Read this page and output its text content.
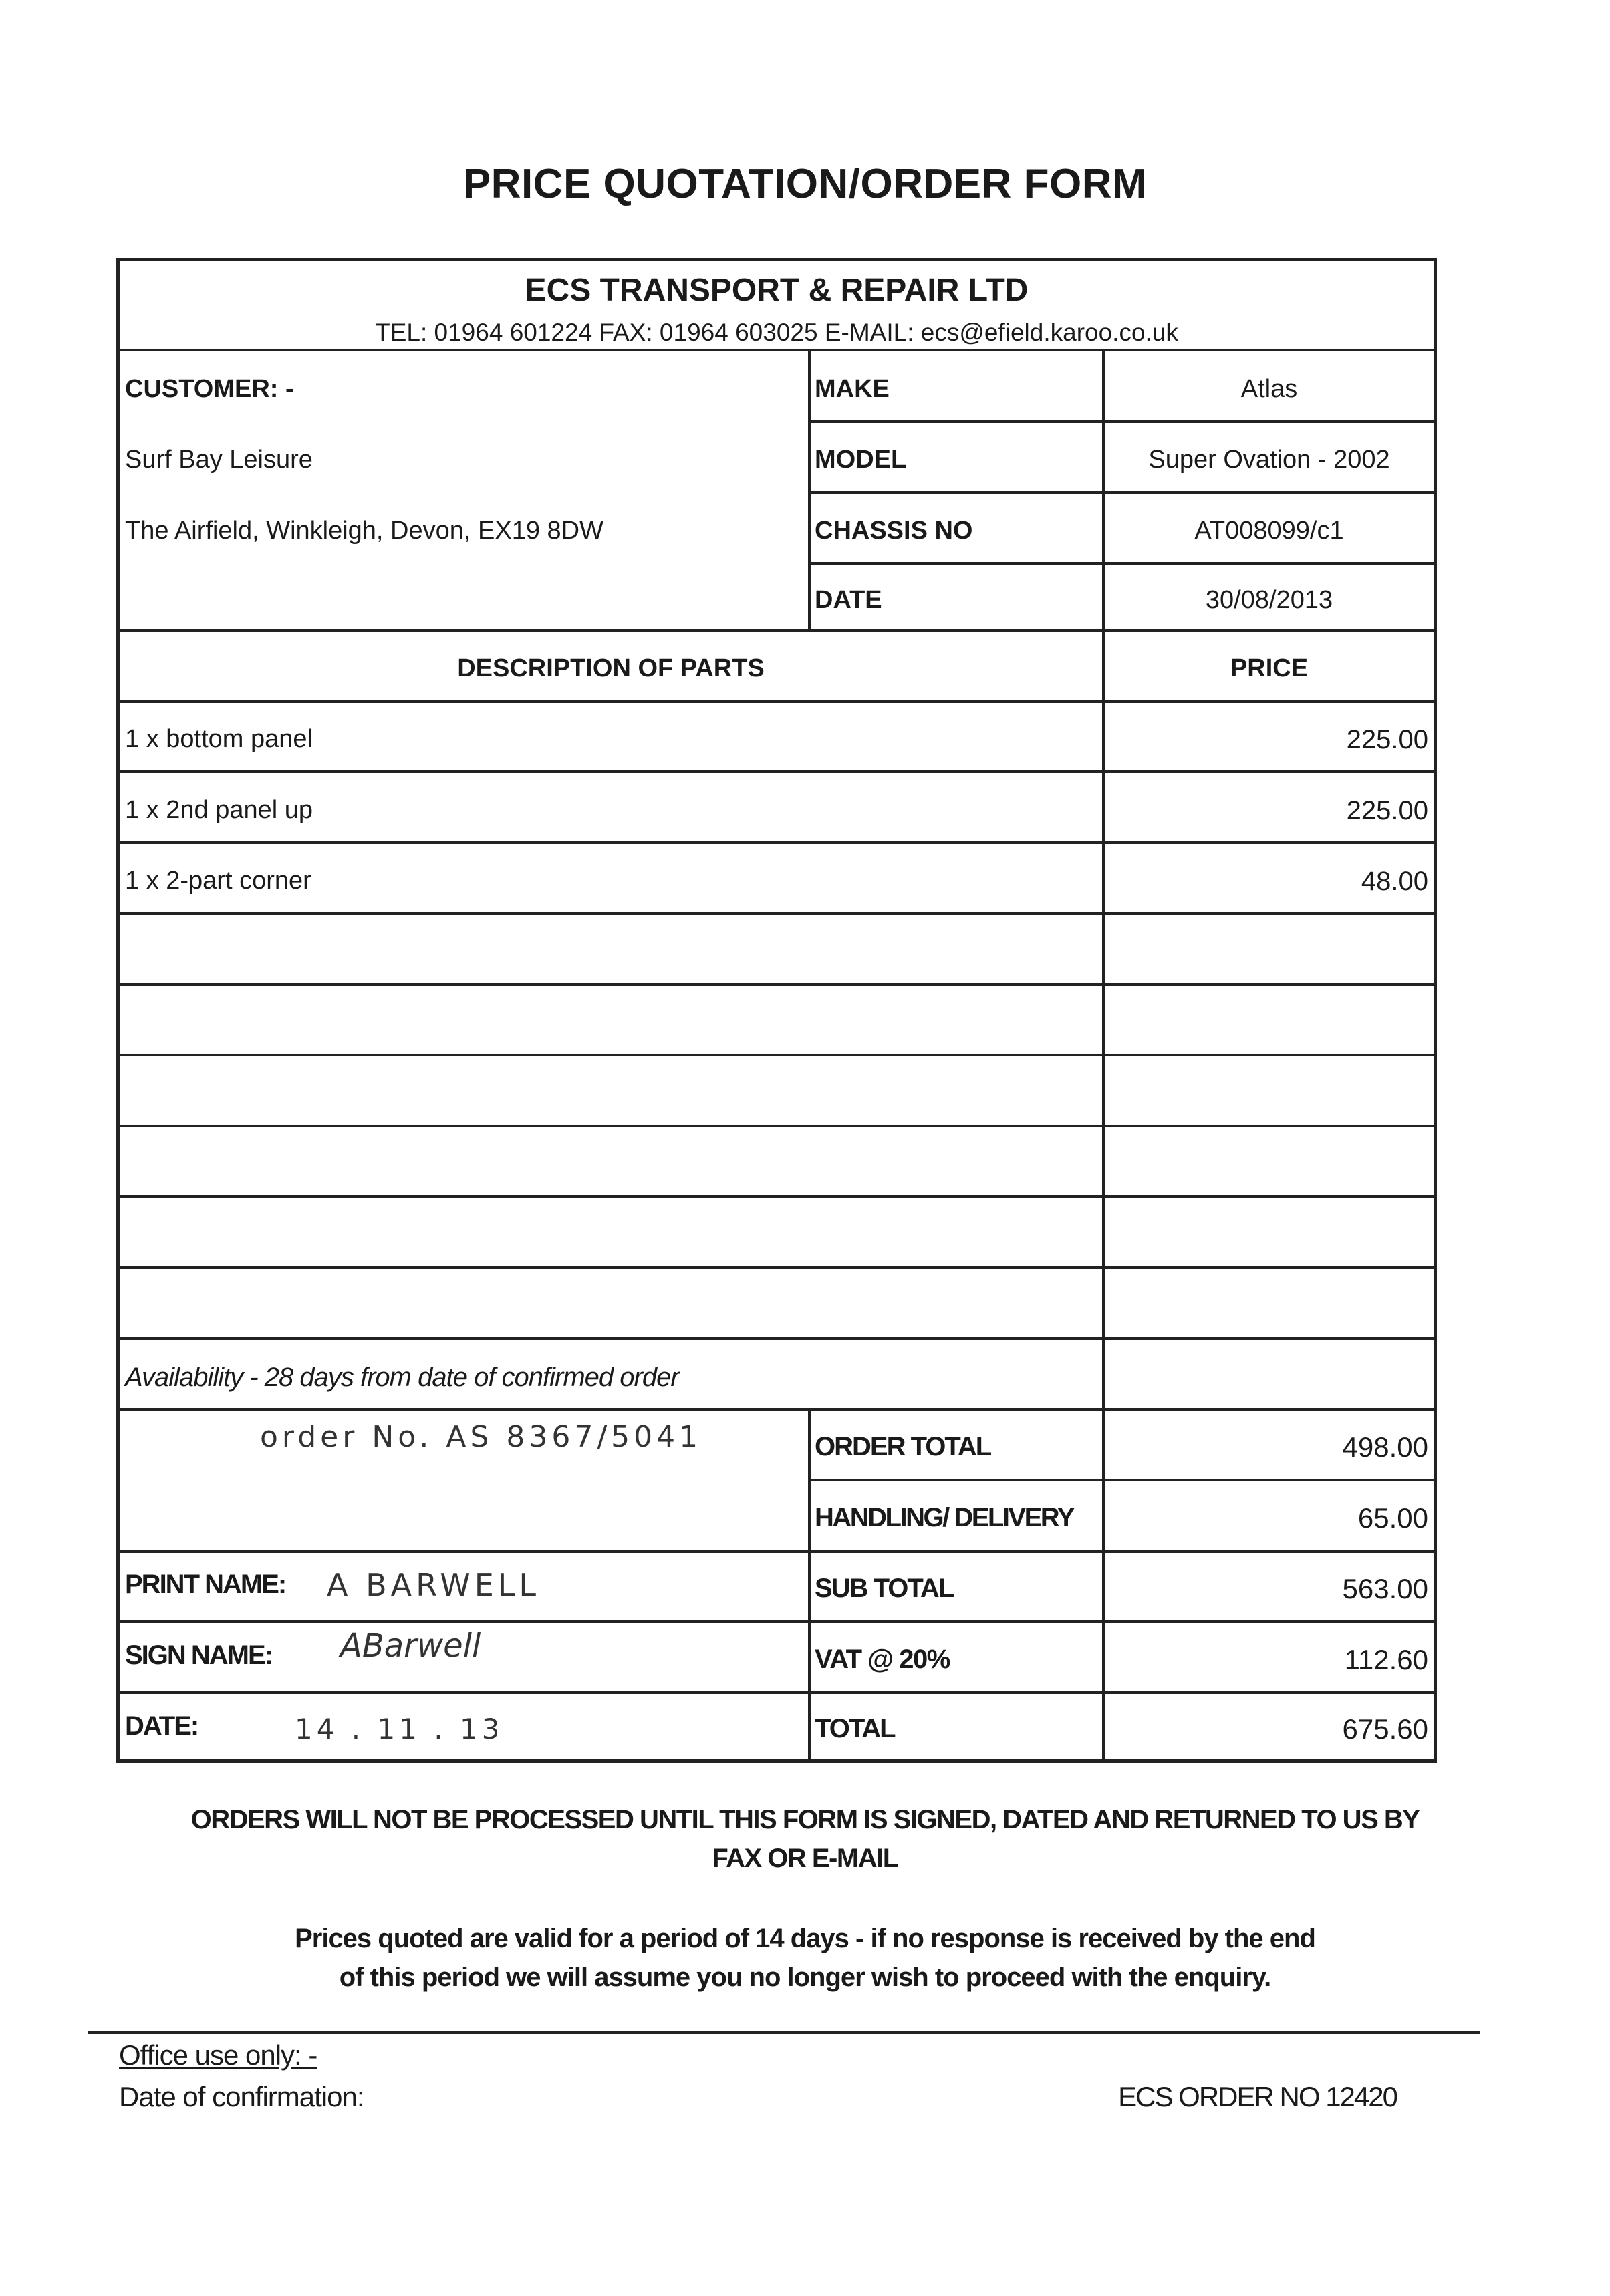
PRICE QUOTATION/ORDER FORM
ECS TRANSPORT & REPAIR LTD
TEL: 01964 601224 FAX: 01964 603025 E-MAIL: ecs@efield.karoo.co.uk
CUSTOMER: -
Surf Bay Leisure
The Airfield, Winkleigh, Devon, EX19 8DW
MAKE	Atlas
MODEL	Super Ovation - 2002
CHASSIS NO	AT008099/c1
DATE	30/08/2013
DESCRIPTION OF PARTS	PRICE
1 x bottom panel	225.00
1 x 2nd panel up	225.00
1 x 2-part corner	48.00
Availability - 28 days from date of confirmed order
order No. AS 8367/5041
PRINT NAME: A BARWELL
SIGN NAME: ABarwell
DATE:	14 . 11 . 13
ORDER TOTAL	498.00
HANDLING/ DELIVERY	65.00
SUB TOTAL	563.00
VAT @ 20%	112.60
TOTAL	675.60
ORDERS WILL NOT BE PROCESSED UNTIL THIS FORM IS SIGNED, DATED AND RETURNED TO US BY
FAX OR E-MAIL
Prices quoted are valid for a period of 14 days - if no response is received by the end
of this period we will assume you no longer wish to proceed with the enquiry.
Office use only: -
Date of confirmation:	ECS ORDER NO 12420
